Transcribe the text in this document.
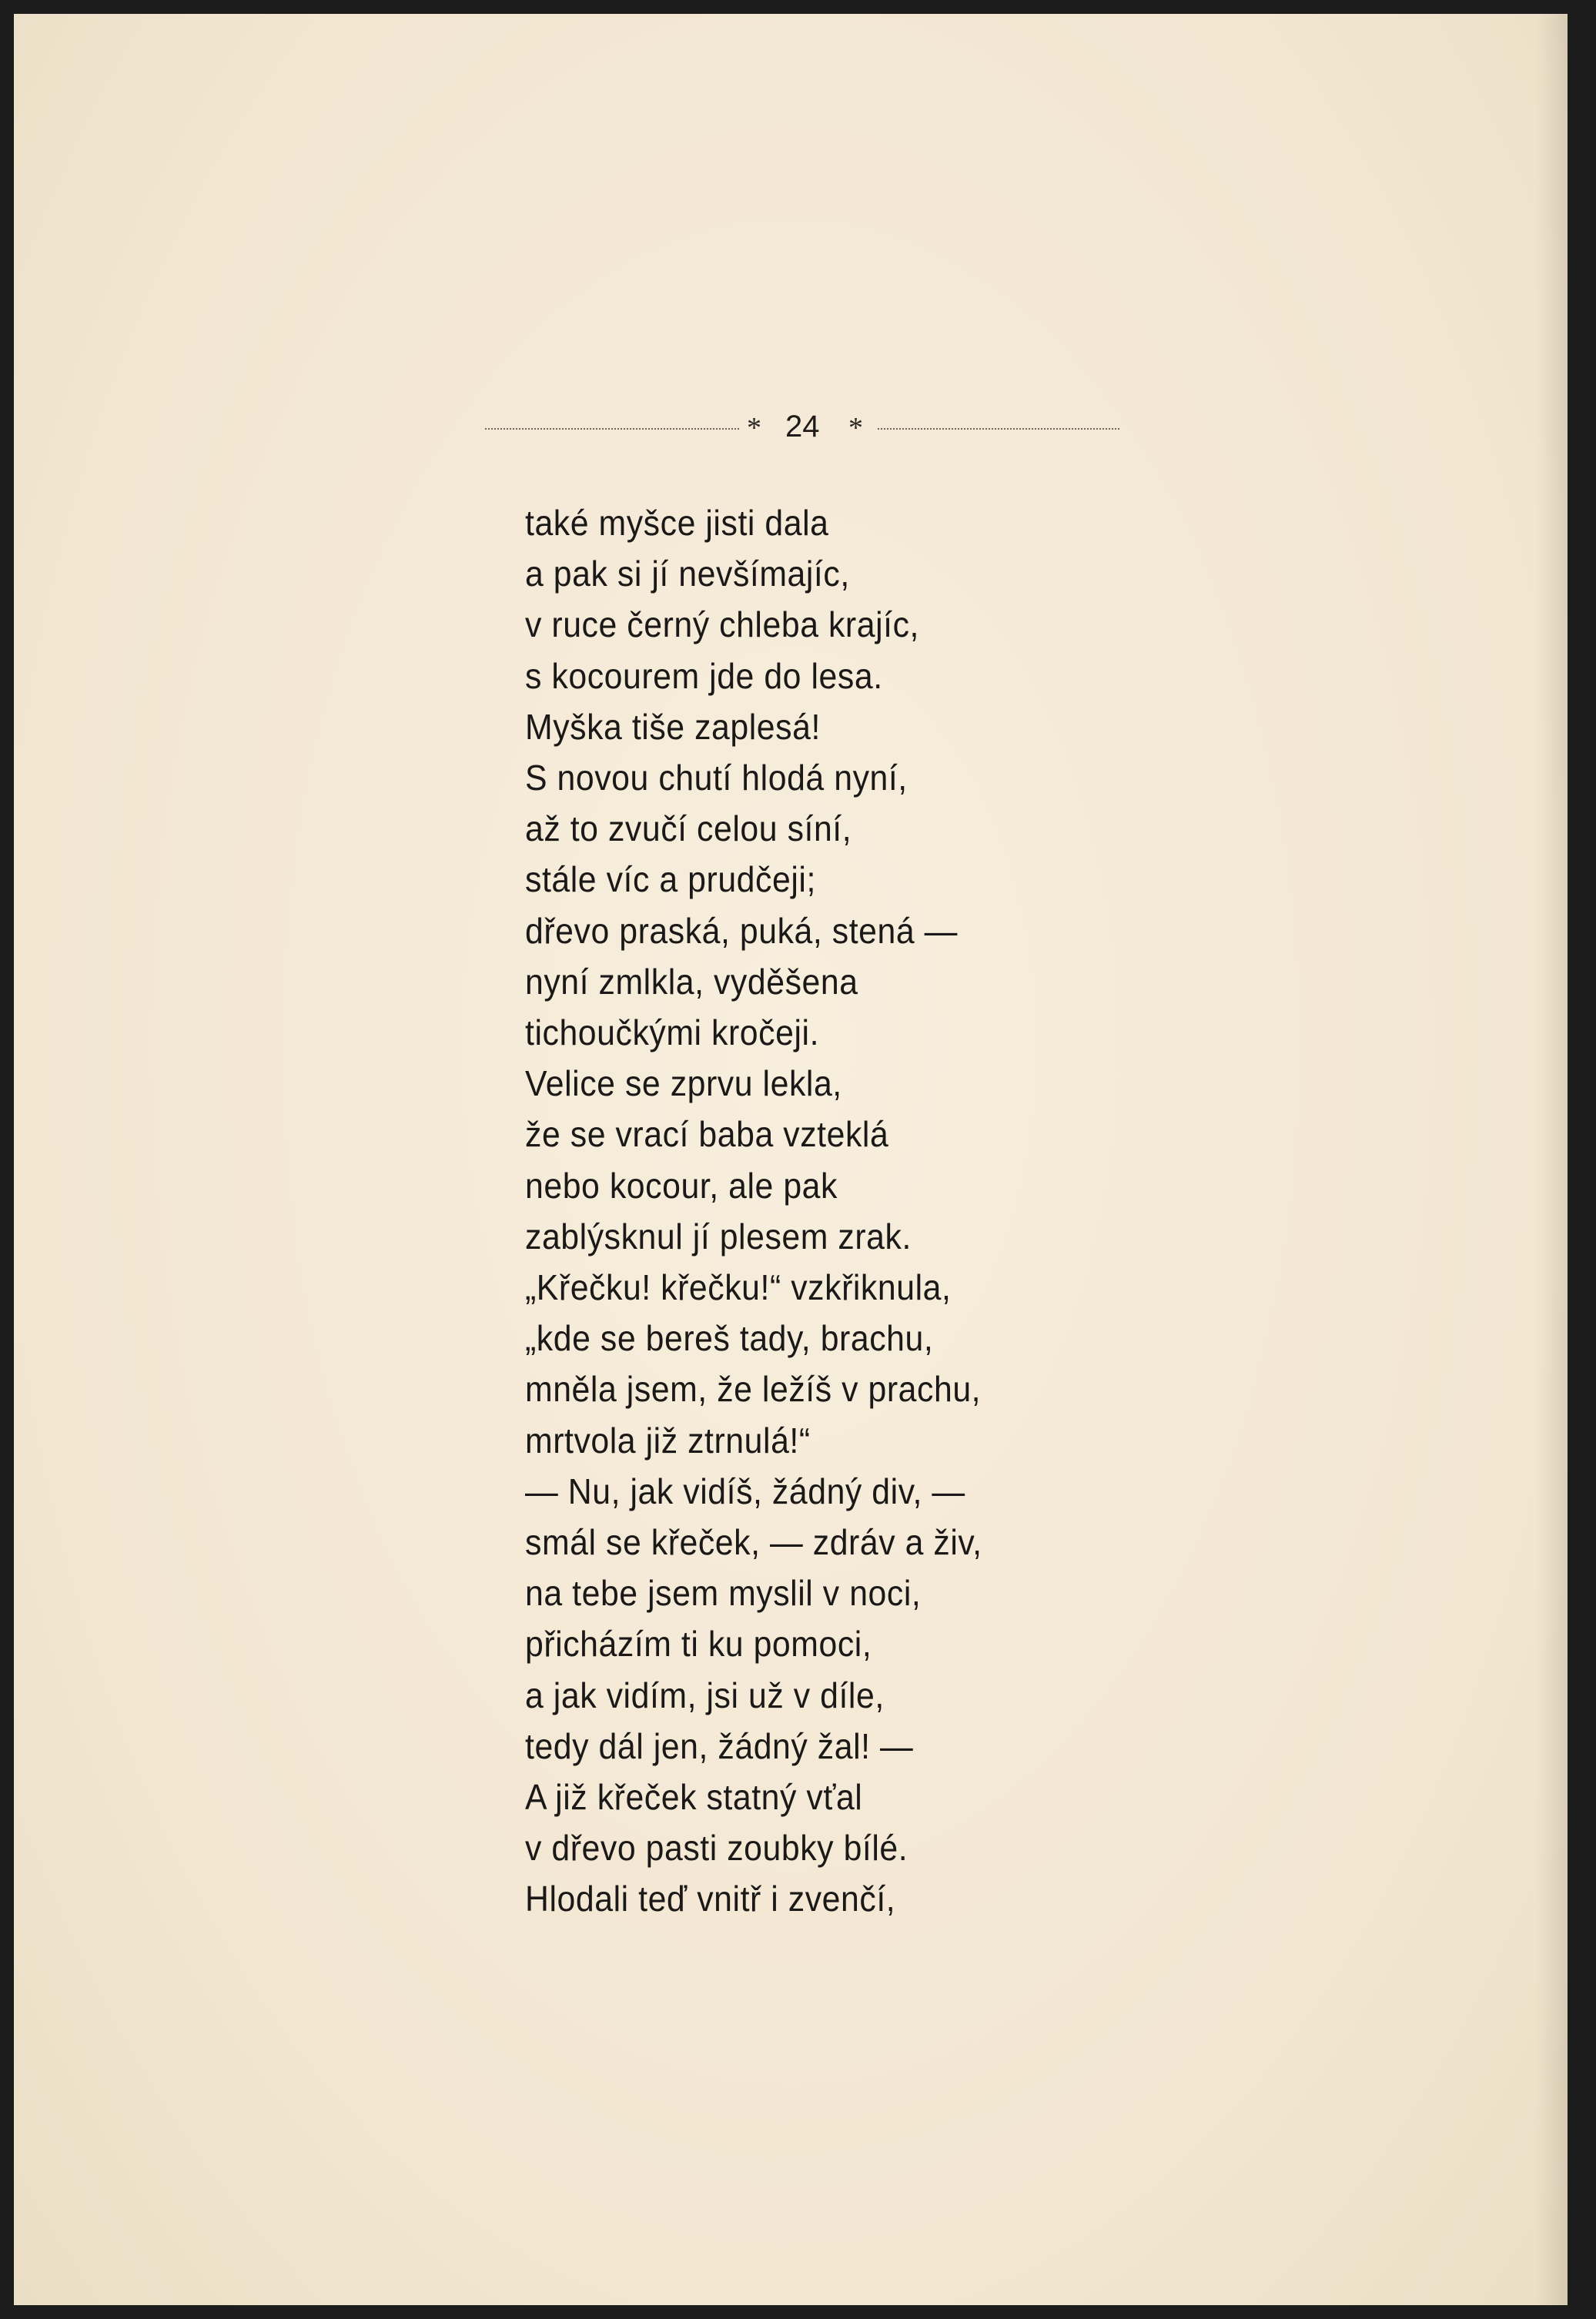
* 24 *
také myšce jisti dala
a pak si jí nevšímajíc,
v ruce černý chleba krajíc,
s kocourem jde do lesa.
Myška tiše zaplesá!
S novou chutí hlodá nyní,
až to zvučí celou síní,
stále víc a prudčeji;
dřevo praská, puká, stená —
nyní zmlkla, vyděšena
tichoučkými kročeji.
Velice se zprvu lekla,
že se vrací baba vzteklá
nebo kocour, ale pak
zablýsknul jí plesem zrak.
„Křečku! křečku!“ vzkřiknula,
„kde se bereš tady, brachu,
mněla jsem, že ležíš v prachu,
mrtvola již ztrnulá!“
— Nu, jak vidíš, žádný div, —
smál se křeček, — zdráv a živ,
na tebe jsem myslil v noci,
přicházím ti ku pomoci,
a jak vidím, jsi už v díle,
tedy dál jen, žádný žal! —
A již křeček statný vťal
v dřevo pasti zoubky bílé.
Hlodali teď vnitř i zvenčí,
